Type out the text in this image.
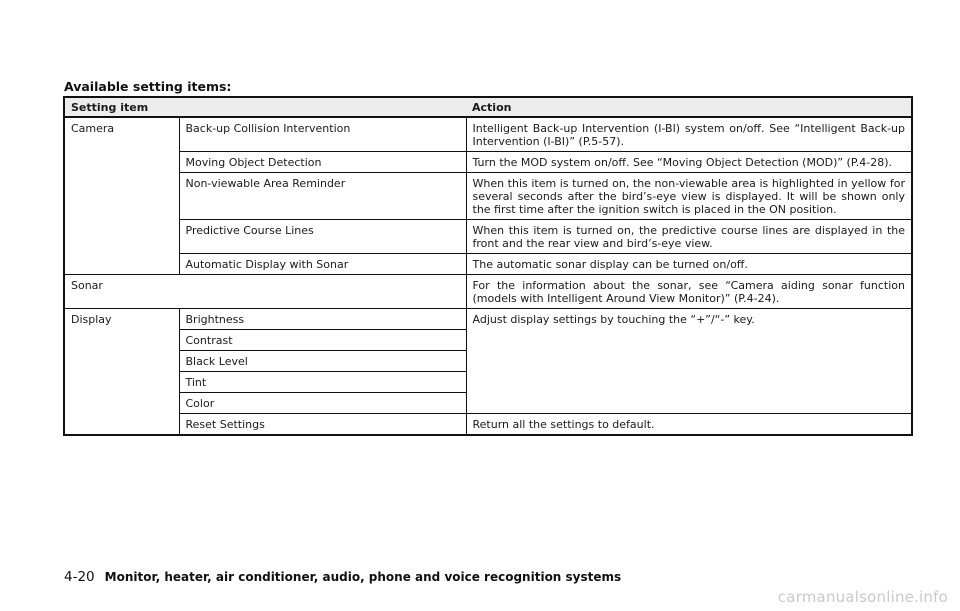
Available setting items:
Setting item		Action
Camera	Back-up Collision Intervention	Intelligent Back-up Intervention (I-BI) system on/off. See “Intelligent Back-up Intervention (I-BI)” (P.5-57).
	Moving Object Detection	Turn the MOD system on/off. See “Moving Object Detection (MOD)” (P.4-28).
	Non-viewable Area Reminder	When this item is turned on, the non-viewable area is highlighted in yellow for several seconds after the bird’s-eye view is displayed. It will be shown only the first time after the ignition switch is placed in the ON position.
	Predictive Course Lines	When this item is turned on, the predictive course lines are displayed in the front and the rear view and bird’s-eye view.
	Automatic Display with Sonar	The automatic sonar display can be turned on/off.
Sonar		For the information about the sonar, see “Camera aiding sonar function (models with Intelligent Around View Monitor)” (P.4-24).
Display	Brightness	Adjust display settings by touching the “+”/“-” key.
	Contrast	
	Black Level	
	Tint	
	Color	
	Reset Settings	Return all the settings to default.
4-20 Monitor, heater, air conditioner, audio, phone and voice recognition systems
carmanualsonline.info
